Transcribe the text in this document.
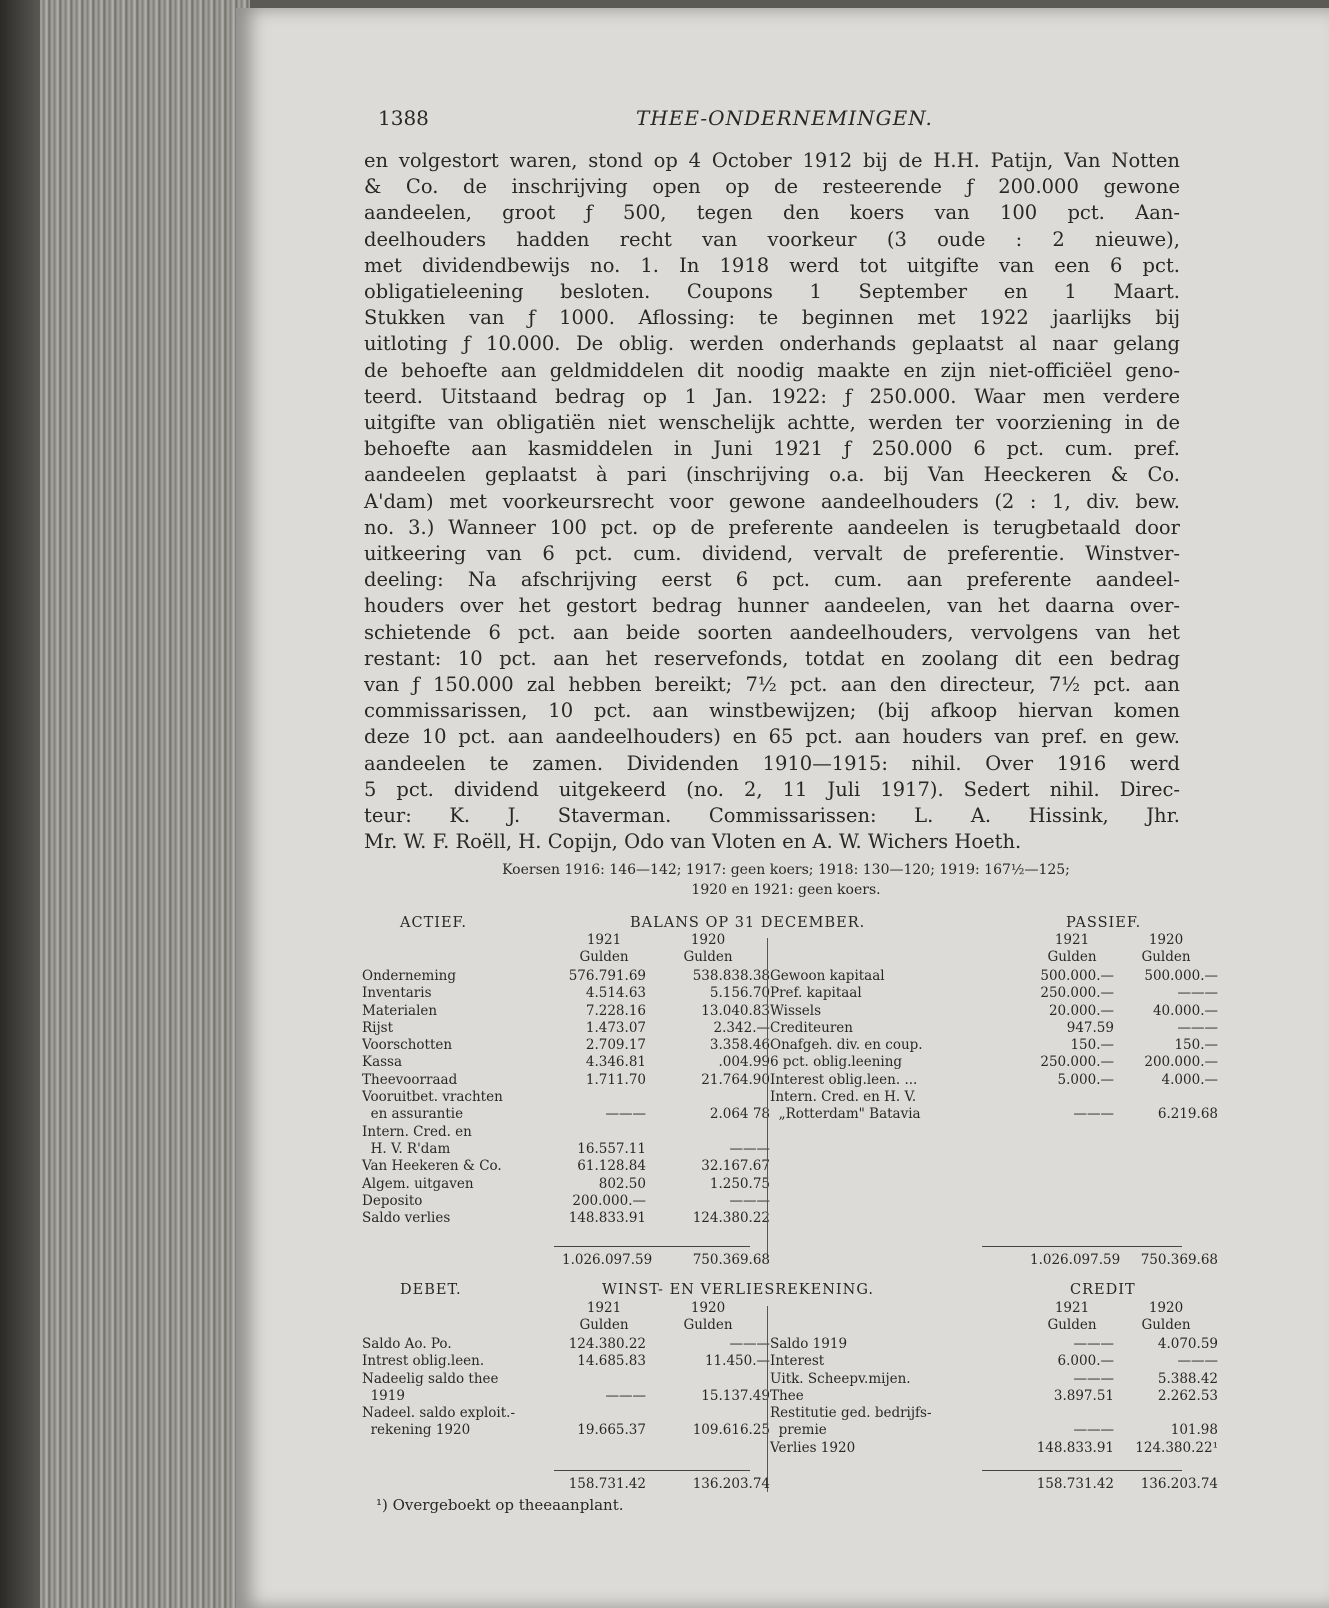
1388	THEE-ONDERNEMINGEN.

en volgestort waren, stond op 4 October 1912 bij de H.H. Patijn, Van Notten

& Co. de inschrijving open op de resteerende ƒ 200.000 gewone

aandeelen, groot ƒ 500, tegen den koers van 100 pct. Aan-

deelhouders hadden recht van voorkeur (3 oude : 2 nieuwe),

met dividendbewijs no. 1. In 1918 werd tot uitgifte van een 6 pct.

obligatieleening besloten. Coupons 1 September en 1 Maart.

Stukken van ƒ 1000. Aflossing: te beginnen met 1922 jaarlijks bij

uitloting ƒ 10.000. De oblig. werden onderhands geplaatst al naar gelang

de behoefte aan geldmiddelen dit noodig maakte en zijn niet-officiëel geno-

teerd. Uitstaand bedrag op 1 Jan. 1922: ƒ 250.000. Waar men verdere

uitgifte van obligatiën niet wenschelijk achtte, werden ter voorziening in de

behoefte aan kasmiddelen in Juni 1921 ƒ 250.000 6 pct. cum. pref.

aandeelen geplaatst à pari (inschrijving o.a. bij Van Heeckeren & Co.

A'dam) met voorkeursrecht voor gewone aandeelhouders (2 : 1, div. bew.

no. 3.) Wanneer 100 pct. op de preferente aandeelen is terugbetaald door

uitkeering van 6 pct. cum. dividend, vervalt de preferentie. Winstver-

deeling: Na afschrijving eerst 6 pct. cum. aan preferente aandeel-

houders over het gestort bedrag hunner aandeelen, van het daarna over-

schietende 6 pct. aan beide soorten aandeelhouders, vervolgens van het

restant: 10 pct. aan het reservefonds, totdat en zoolang dit een bedrag

van ƒ 150.000 zal hebben bereikt; 7½ pct. aan den directeur, 7½ pct. aan

commissarissen, 10 pct. aan winstbewijzen; (bij afkoop hiervan komen

deze 10 pct. aan aandeelhouders) en 65 pct. aan houders van pref. en gew.

aandeelen te zamen. Dividenden 1910—1915: nihil. Over 1916 werd

5 pct. dividend uitgekeerd (no. 2, 11 Juli 1917). Sedert nihil. Direc-

teur: K. J. Staverman. Commissarissen: L. A. Hissink, Jhr.

Mr. W. F. Roëll, H. Copijn, Odo van Vloten en A. W. Wichers Hoeth.

Koersen 1916: 146—142; 1917: geen koers; 1918: 130—120; 1919: 167½—125;
1920 en 1921: geen koers.
ACTIEF.	BALANS OP 31 DECEMBER.	PASSIEF.
1921	1920
Gulden	Gulden
1921	1920
Gulden	Gulden
Onderneming	576.791.69	538.838.38
Inventaris	4.514.63	5.156.70
Materialen	7.228.16	13.040.83
Rijst	1.473.07	2.342.—
Voorschotten	2.709.17	3.358.46
Kassa	4.346.81	.004.99
Theevoorraad	1.711.70	21.764.90
Vooruitbet. vrachten
en assurantie	———	2.064 78
Intern. Cred. en
H. V. R'dam	16.557.11	———
Van Heekeren & Co.	61.128.84	32.167.67
Algem. uitgaven	802.50	1.250.75
Deposito	200.000.—	———
Saldo verlies	148.833.91	124.380.22
Gewoon kapitaal	500.000.—	500.000.—
Pref. kapitaal	250.000.—	———
Wissels	20.000.—	40.000.—
Crediteuren	947.59	———
Onafgeh. div. en coup.	150.—	150.—
6 pct. oblig.leening	250.000.—	200.000.—
Interest oblig.leen. ...	5.000.—	4.000.—
Intern. Cred. en H. V.
„Rotterdam" Batavia	———	6.219.68
1.026.097.59	750.369.68	1.026.097.59	750.369.68
DEBET.	WINST- EN VERLIESREKENING.	CREDIT
1921	1920
Gulden	Gulden
1921	1920
Gulden	Gulden
Saldo Ao. Po.	124.380.22	———
Intrest oblig.leen.	14.685.83	11.450.—
Nadeelig saldo thee
1919	———	15.137.49
Nadeel. saldo exploit.-
rekening 1920	19.665.37	109.616.25
Saldo 1919	———	4.070.59
Interest	6.000.—	———
Uitk. Scheepv.mijen.	———	5.388.42
Thee	3.897.51	2.262.53
Restitutie ged. bedrijfs-
premie	———	101.98
Verlies 1920	148.833.91	124.380.22¹
158.731.42	136.203.74	158.731.42	136.203.74
¹) Overgeboekt op theeaanplant.
